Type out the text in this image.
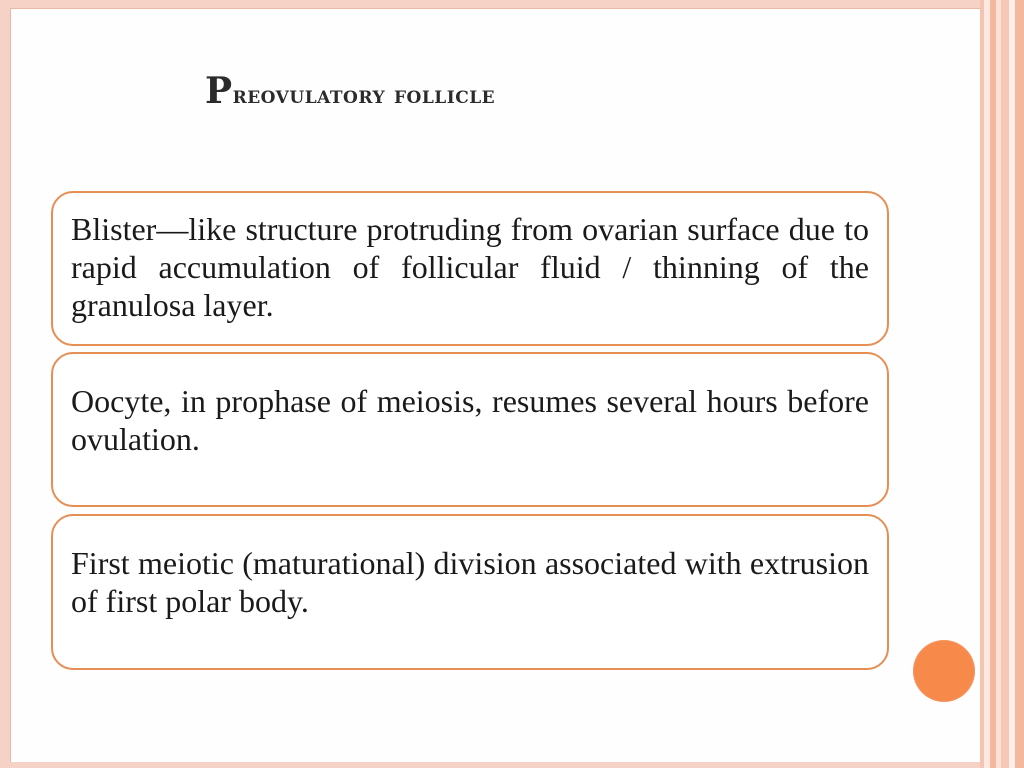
Preovulatory follicle

Blister—like structure protruding from ovarian surface due to rapid accumulation of follicular fluid / thinning of the granulosa layer.

Oocyte, in prophase of meiosis, resumes several hours before ovulation.

First meiotic (maturational) division associated with extrusion of first polar body.
